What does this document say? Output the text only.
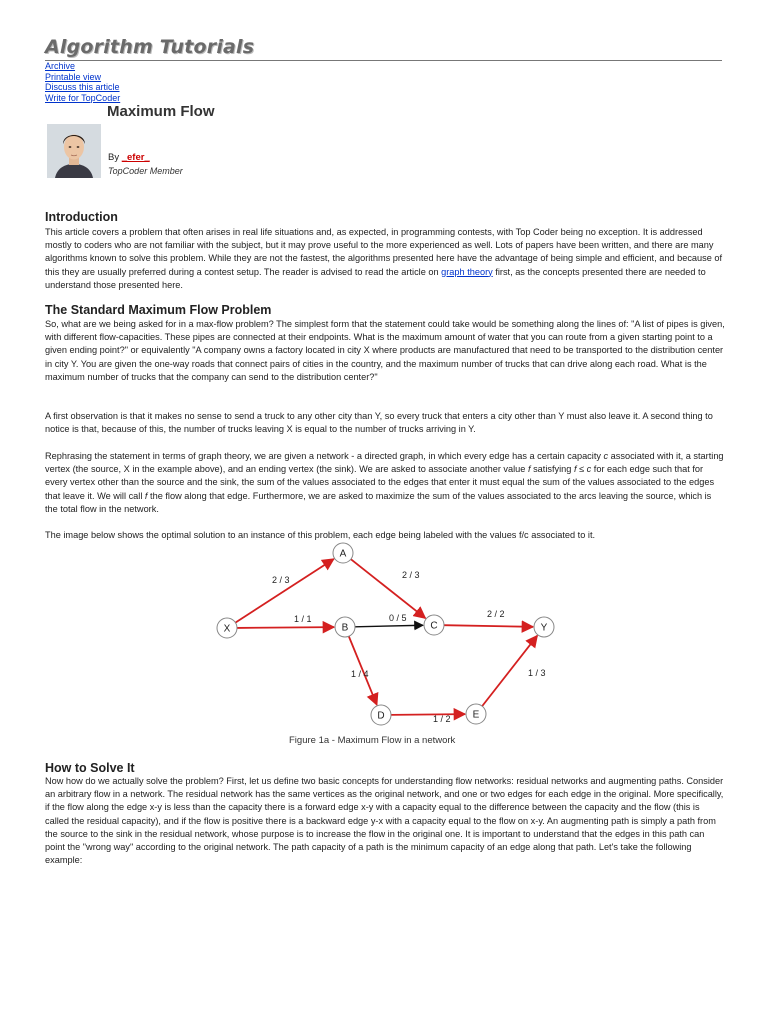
Algorithm Tutorials
Archive
Printable view
Discuss this article
Write for TopCoder
Maximum Flow
By _efer_
TopCoder Member
Introduction
This article covers a problem that often arises in real life situations and, as expected, in programming contests, with Top Coder being no exception. It is addressed mostly to coders who are not familiar with the subject, but it may prove useful to the more experienced as well. Lots of papers have been written, and there are many algorithms known to solve this problem. While they are not the fastest, the algorithms presented here have the advantage of being simple and efficient, and because of this they are usually preferred during a contest setup. The reader is advised to read the article on graph theory first, as the concepts presented there are needed to understand those presented here.
The Standard Maximum Flow Problem
So, what are we being asked for in a max-flow problem? The simplest form that the statement could take would be something along the lines of: "A list of pipes is given, with different flow-capacities. These pipes are connected at their endpoints. What is the maximum amount of water that you can route from a given starting point to a given ending point?" or equivalently "A company owns a factory located in city X where products are manufactured that need to be transported to the distribution center in city Y. You are given the one-way roads that connect pairs of cities in the country, and the maximum number of trucks that can drive along each road. What is the maximum number of trucks that the company can send to the distribution center?"
A first observation is that it makes no sense to send a truck to any other city than Y, so every truck that enters a city other than Y must also leave it. A second thing to notice is that, because of this, the number of trucks leaving X is equal to the number of trucks arriving in Y.
Rephrasing the statement in terms of graph theory, we are given a network - a directed graph, in which every edge has a certain capacity c associated with it, a starting vertex (the source, X in the example above), and an ending vertex (the sink). We are asked to associate another value f satisfying f ≤ c for each edge such that for every vertex other than the source and the sink, the sum of the values associated to the edges that enter it must equal the sum of the values associated to the edges that leave it. We will call f the flow along that edge. Furthermore, we are asked to maximize the sum of the values associated to the arcs leaving the source, which is the total flow in the network.
The image below shows the optimal solution to an instance of this problem, each edge being labeled with the values f/c associated to it.
2 / 3
1 / 1
2 / 3
0 / 5
1 / 4
2 / 2
1 / 2
1 / 3
X
A
B	C
D	E
Y
Figure 1a - Maximum Flow in a network
How to Solve It
Now how do we actually solve the problem? First, let us define two basic concepts for understanding flow networks: residual networks and augmenting paths. Consider an arbitrary flow in a network. The residual network has the same vertices as the original network, and one or two edges for each edge in the original. More specifically, if the flow along the edge x-y is less than the capacity there is a forward edge x-y with a capacity equal to the difference between the capacity and the flow (this is called the residual capacity), and if the flow is positive there is a backward edge y-x with a capacity equal to the flow on x-y. An augmenting path is simply a path from the source to the sink in the residual network, whose purpose is to increase the flow in the original one. It is important to understand that the edges in this path can point the "wrong way" according to the original network. The path capacity of a path is the minimum capacity of an edge along that path. Let's take the following example:
